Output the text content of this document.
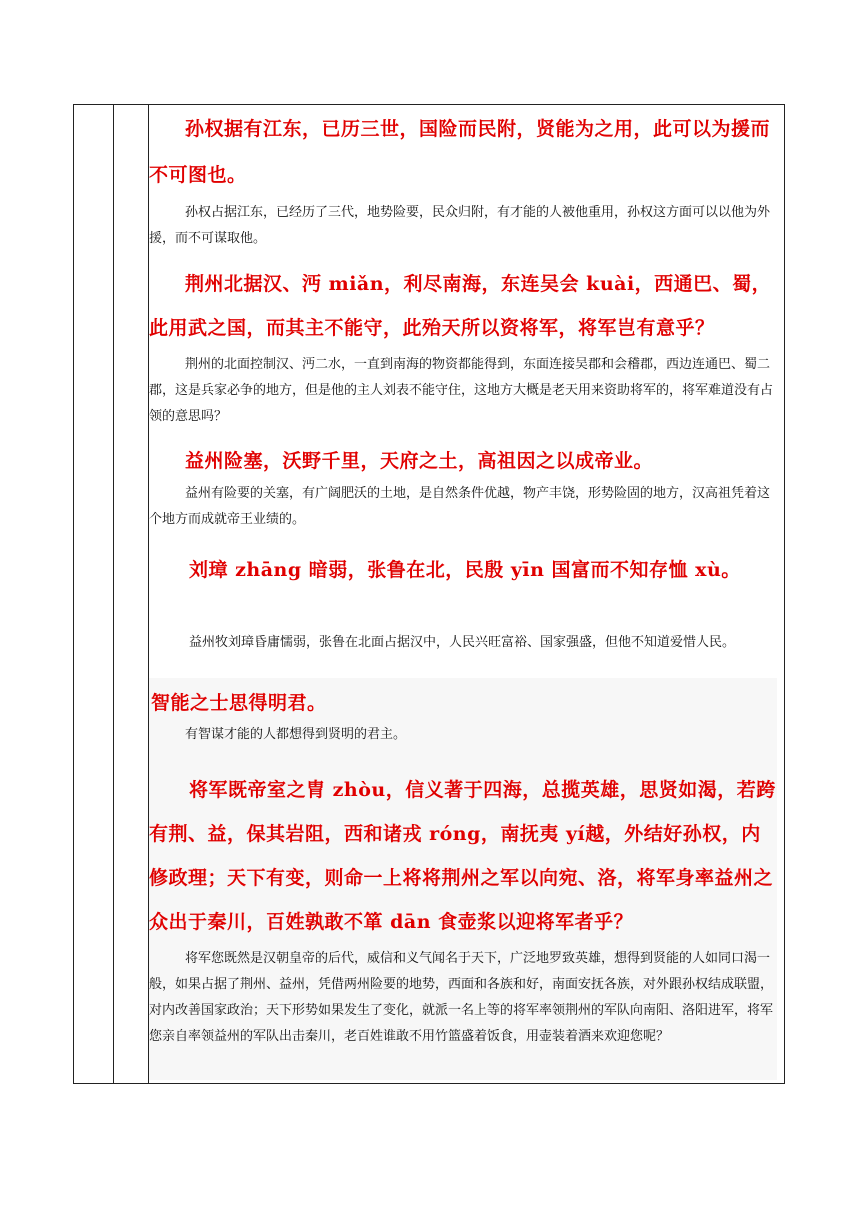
孙权据有江东，已历三世，国险而民附，贤能为之用，此可以为援而不可图也。

孙权占据江东，已经历了三代，地势险要，民众归附，有才能的人被他重用，孙权这方面可以以他为外援，而不可谋取他。

荆州北据汉、沔 miǎn，利尽南海，东连吴会 kuài，西通巴、蜀，此用武之国，而其主不能守，此殆天所以资将军，将军岂有意乎？

荆州的北面控制汉、沔二水，一直到南海的物资都能得到，东面连接吴郡和会稽郡，西边连通巴、蜀二郡，这是兵家必争的地方，但是他的主人刘表不能守住，这地方大概是老天用来资助将军的，将军难道没有占领的意思吗？

益州险塞，沃野千里，天府之土，高祖因之以成帝业。

益州有险要的关塞，有广阔肥沃的土地，是自然条件优越，物产丰饶，形势险固的地方，汉高祖凭着这个地方而成就帝王业绩的。

刘璋 zhāng 暗弱，张鲁在北，民殷 yīn 国富而不知存恤 xù。

益州牧刘璋昏庸懦弱，张鲁在北面占据汉中，人民兴旺富裕、国家强盛，但他不知道爱惜人民。

智能之士思得明君。

有智谋才能的人都想得到贤明的君主。

将军既帝室之胄 zhòu，信义著于四海，总揽英雄，思贤如渴，若跨有荆、益，保其岩阻，西和诸戎 róng，南抚夷 yí越，外结好孙权，内修政理；天下有变，则命一上将将荆州之军以向宛、洛，将军身率益州之众出于秦川，百姓孰敢不箪 dān 食壶浆以迎将军者乎？

将军您既然是汉朝皇帝的后代，威信和义气闻名于天下，广泛地罗致英雄，想得到贤能的人如同口渴一般，如果占据了荆州、益州，凭借两州险要的地势，西面和各族和好，南面安抚各族，对外跟孙权结成联盟，对内改善国家政治；天下形势如果发生了变化，就派一名上等的将军率领荆州的军队向南阳、洛阳进军，将军您亲自率领益州的军队出击秦川，老百姓谁敢不用竹篮盛着饭食，用壶装着酒来欢迎您呢？
